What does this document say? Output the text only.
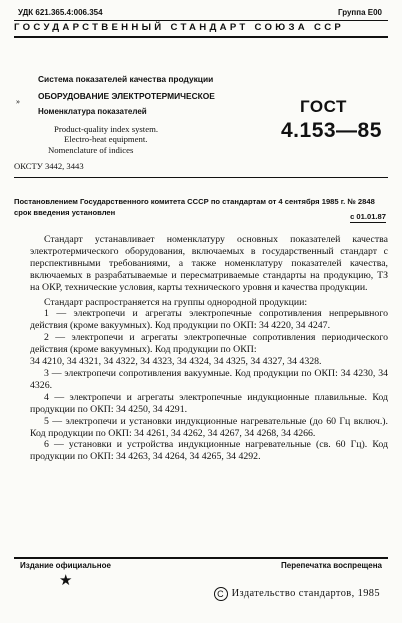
УДК 621.365.4:006.354	Группа Е00
ГОСУДАРСТВЕННЫЙ СТАНДАРТ СОЮЗА ССР
Система показателей качества продукции
ОБОРУДОВАНИЕ ЭЛЕКТРОТЕРМИЧЕСКОЕ
Номенклатура показателей
Product-quality index system.
Electro-heat equipment.
Nomenclature of indices
»	ГОСТ
4.153—85
ОКСТУ 3442, 3443
Постановлением Государственного комитета СССР по стандартам от 4 сентября 1985 г. № 2848 срок введения установлен	с 01.01.87

Стандарт устанавливает номенклатуру основных показателей качества электротермического оборудования, включаемых в государственный стандарт с перспективными требованиями, а также номенклатуру показателей качества, включаемых в разрабатываемые и пересматриваемые стандарты на продукцию, ТЗ на ОКР, технические условия, карты технического уровня и качества продукции.

Стандарт распространяется на группы однородной продукции:

1 — электропечи и агрегаты электропечные сопротивления непрерывного действия (кроме вакуумных). Код продукции по ОКП: 34 4220, 34 4247.

2 — электропечи и агрегаты электропечные сопротивления периодического действия (кроме вакуумных). Код продукции по ОКП:

34 4210, 34 4321, 34 4322, 34 4323, 34 4324, 34 4325, 34 4327, 34 4328.

3 — электропечи сопротивления вакуумные. Код продукции по ОКП: 34 4230, 34 4326.

4 — электропечи и агрегаты электропечные индукционные плавильные. Код продукции по ОКП: 34 4250, 34 4291.

5 — электропечи и установки индукционные нагревательные (до 60 Гц включ.). Код продукции по ОКП: 34 4261, 34 4262, 34 4267, 34 4268, 34 4266.

6 — установки и устройства индукционные нагревательные (св. 60 Гц). Код продукции по ОКП: 34 4263, 34 4264, 34 4265, 34 4292.

Издание официальное	Перепечатка воспрещена
★
С Издательство стандартов, 1985
